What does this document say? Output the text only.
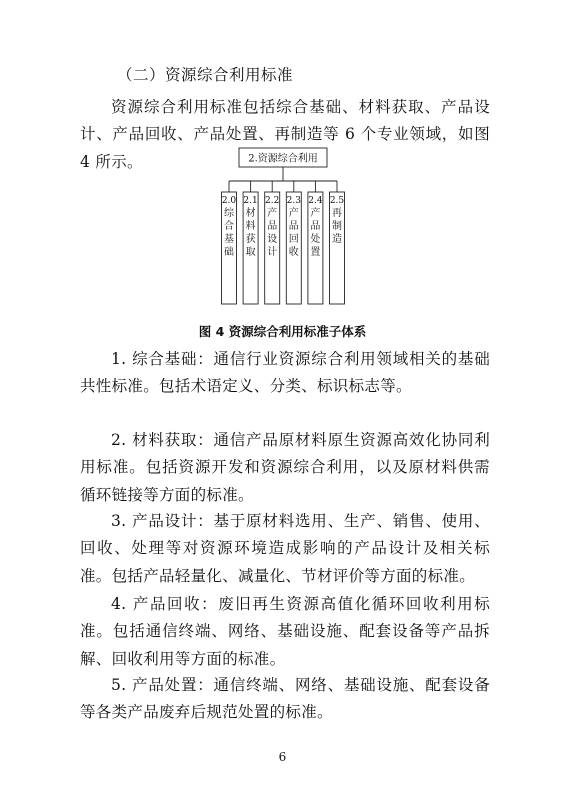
（二）资源综合利用标准

资源综合利用标准包括综合基础、材料获取、产品设计、产品回收、产品处置、再制造等 6 个专业领域，如图 4 所示。	2.资源综合利用
2.0
综
合
基
础
2.1
材
料
获
取
2.2
产
品
设
计
2.3
产
品
回
收
2.4
产
品
处
置
2.5
再
制
造
图 4 资源综合利用标准子体系

1. 综合基础：通信行业资源综合利用领域相关的基础共性标准。包括术语定义、分类、标识标志等。

2. 材料获取：通信产品原材料原生资源高效化协同利用标准。包括资源开发和资源综合利用，以及原材料供需循环链接等方面的标准。

3. 产品设计：基于原材料选用、生产、销售、使用、回收、处理等对资源环境造成影响的产品设计及相关标准。包括产品轻量化、减量化、节材评价等方面的标准。

4. 产品回收：废旧再生资源高值化循环回收利用标准。包括通信终端、网络、基础设施、配套设备等产品拆解、回收利用等方面的标准。

5. 产品处置：通信终端、网络、基础设施、配套设备等各类产品废弃后规范处置的标准。

6
